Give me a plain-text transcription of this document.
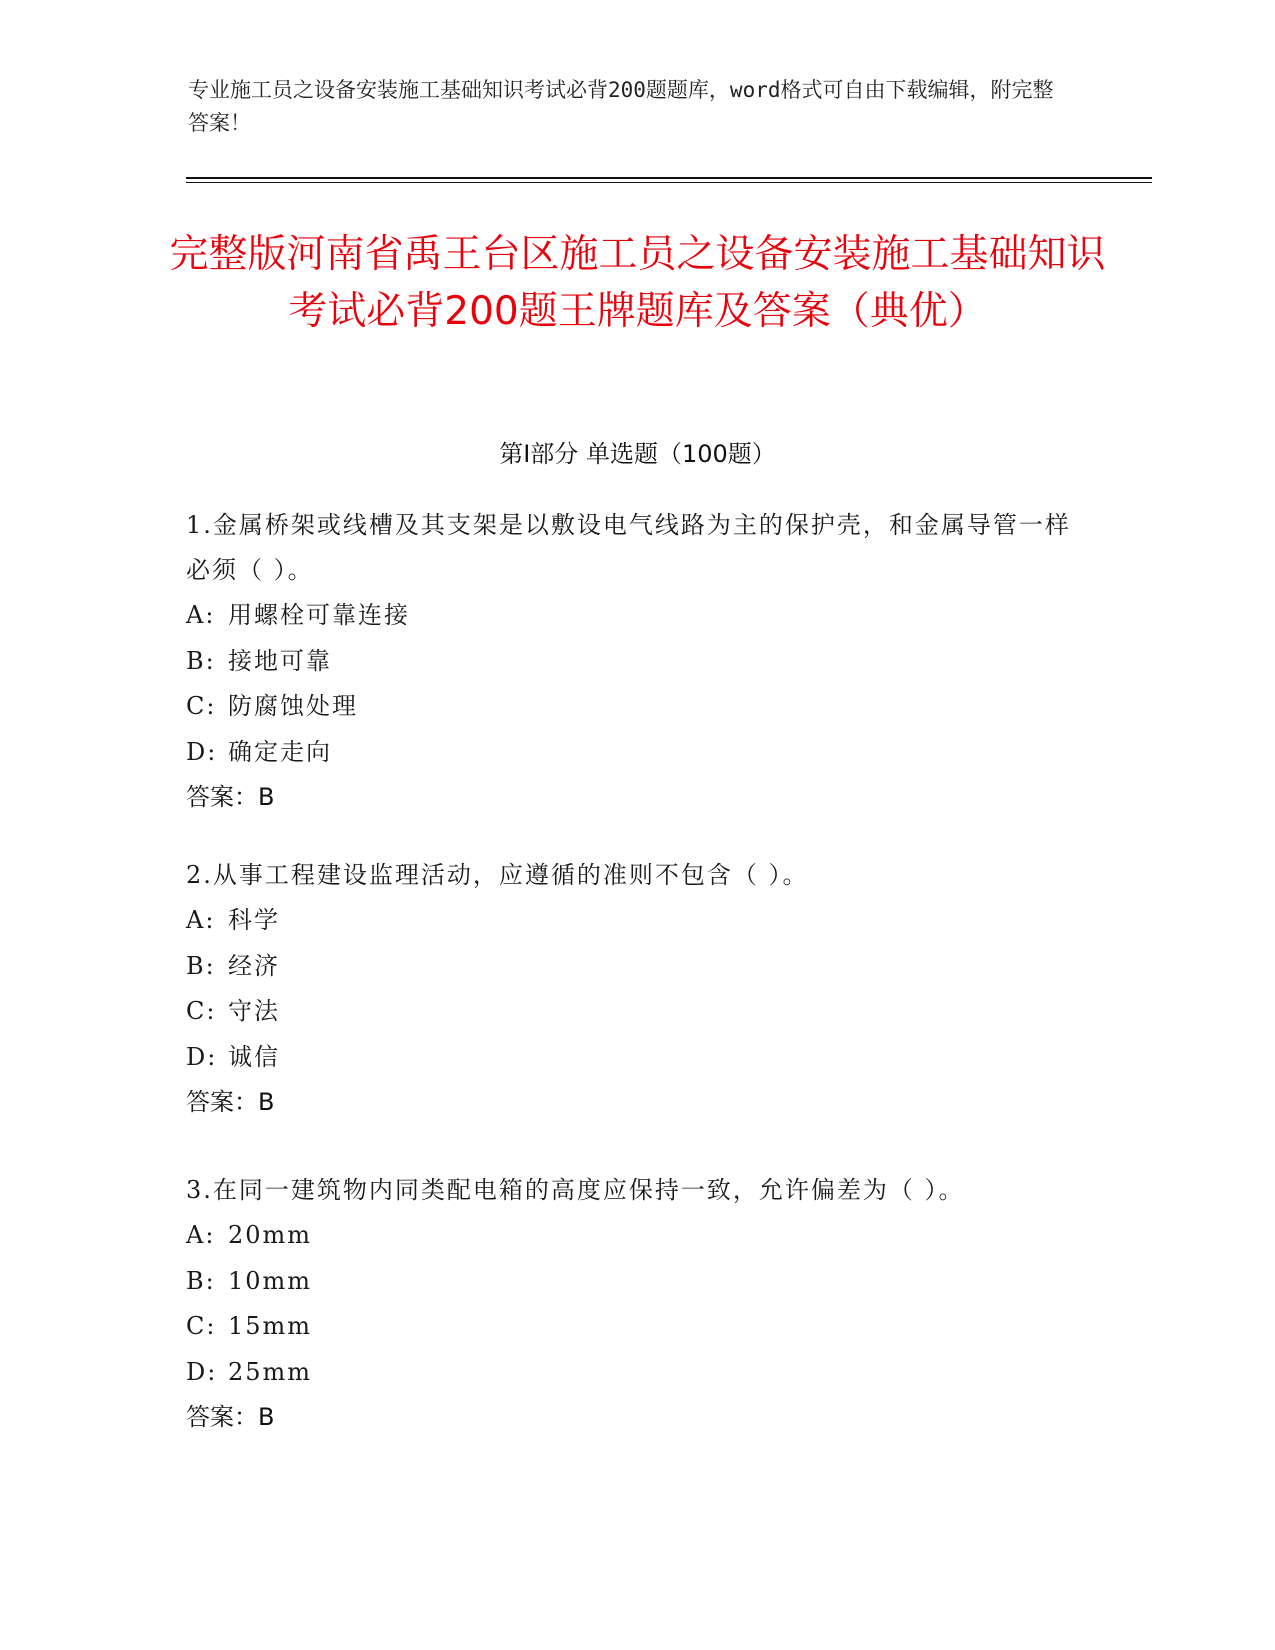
专业施工员之设备安装施工基础知识考试必背200题题库，word格式可自由下载编辑，附完整答案！
完整版河南省禹王台区施工员之设备安装施工基础知识考试必背200题王牌题库及答案（典优）
第Ⅰ部分 单选题（100题）
1.金属桥架或线槽及其支架是以敷设电气线路为主的保护壳，和金属导管一样必须（ ）。
A: 用螺栓可靠连接
B: 接地可靠
C: 防腐蚀处理
D: 确定走向
答案：B
2.从事工程建设监理活动，应遵循的准则不包含（ ）。
A: 科学
B: 经济
C: 守法
D: 诚信
答案：B
3.在同一建筑物内同类配电箱的高度应保持一致，允许偏差为（ ）。
A: 20mm
B: 10mm
C: 15mm
D: 25mm
答案：B
